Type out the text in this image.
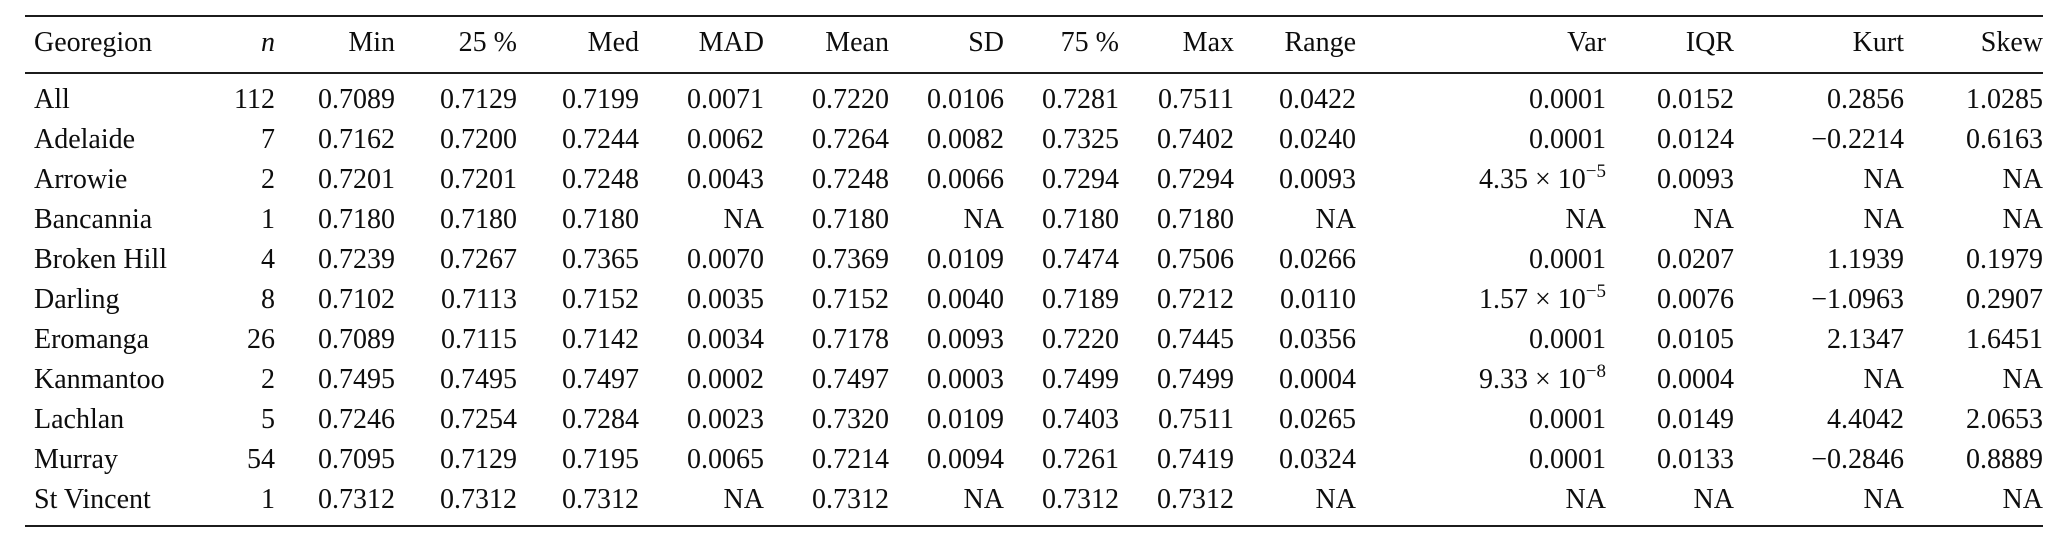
Georegion	n	Min	25 %	Med	MAD	Mean	SD	75 %	Max	Range	Var	IQR	Kurt	Skew
All	112	0.7089	0.7129	0.7199	0.0071	0.7220	0.0106	0.7281	0.7511	0.0422	0.0001	0.0152	0.2856	1.0285
Adelaide	7	0.7162	0.7200	0.7244	0.0062	0.7264	0.0082	0.7325	0.7402	0.0240	0.0001	0.0124	−0.2214	0.6163
Arrowie	2	0.7201	0.7201	0.7248	0.0043	0.7248	0.0066	0.7294	0.7294	0.0093	$4.35 \times 10^{-5}$	0.0093	NA	NA
Bancannia	1	0.7180	0.7180	0.7180	NA	0.7180	NA	0.7180	0.7180	NA	NA	NA	NA	NA
Broken Hill	4	0.7239	0.7267	0.7365	0.0070	0.7369	0.0109	0.7474	0.7506	0.0266	0.0001	0.0207	1.1939	0.1979
Darling	8	0.7102	0.7113	0.7152	0.0035	0.7152	0.0040	0.7189	0.7212	0.0110	$1.57 \times 10^{-5}$	0.0076	−1.0963	0.2907
Eromanga	26	0.7089	0.7115	0.7142	0.0034	0.7178	0.0093	0.7220	0.7445	0.0356	0.0001	0.0105	2.1347	1.6451
Kanmantoo	2	0.7495	0.7495	0.7497	0.0002	0.7497	0.0003	0.7499	0.7499	0.0004	$9.33 \times 10^{-8}$	0.0004	NA	NA
Lachlan	5	0.7246	0.7254	0.7284	0.0023	0.7320	0.0109	0.7403	0.7511	0.0265	0.0001	0.0149	4.4042	2.0653
Murray	54	0.7095	0.7129	0.7195	0.0065	0.7214	0.0094	0.7261	0.7419	0.0324	0.0001	0.0133	−0.2846	0.8889
St Vincent	1	0.7312	0.7312	0.7312	NA	0.7312	NA	0.7312	0.7312	NA	NA	NA	NA	NA
